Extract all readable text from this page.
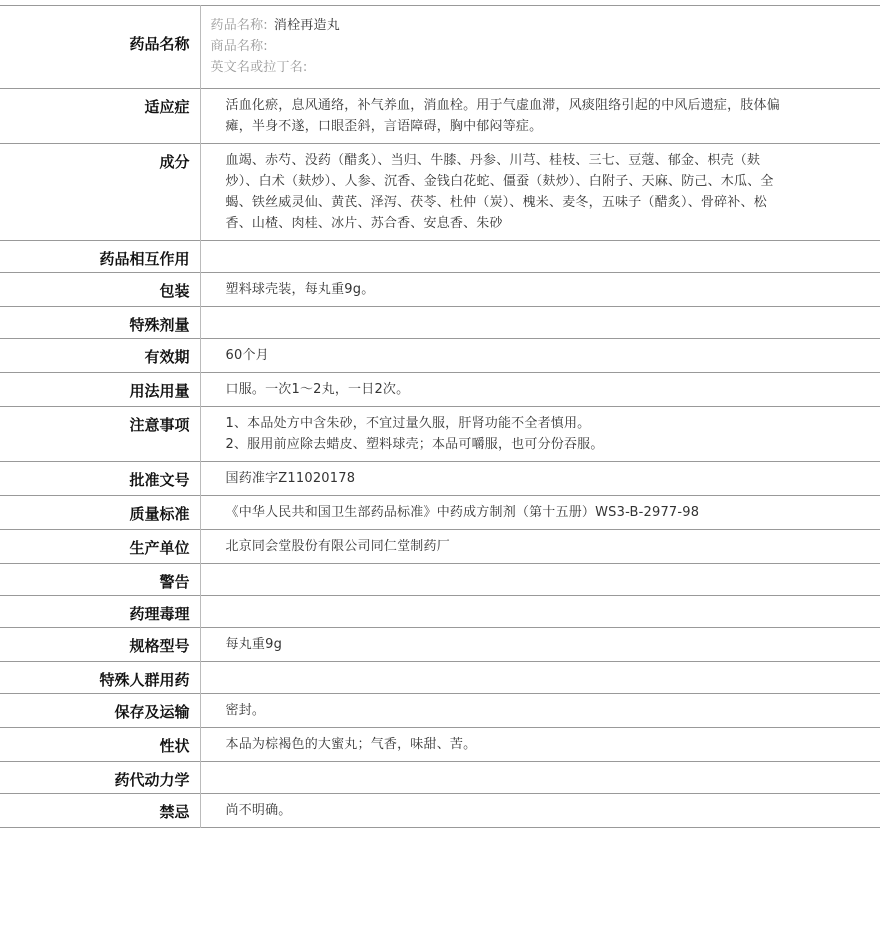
药品名称	药品名称: 消栓再造丸
商品名称:
英文名或拉丁名:

适应症	活血化瘀，息风通络，补气养血，消血栓。用于气虚血滞，风痰阻络引起的中风后遗症，肢体偏瘫，半身不遂，口眼歪斜，言语障碍，胸中郁闷等症。
成分	血竭、赤芍、没药（醋炙）、当归、牛膝、丹参、川芎、桂枝、三七、豆蔻、郁金、枳壳（麸炒）、白术（麸炒）、人参、沉香、金钱白花蛇、僵蚕（麸炒）、白附子、天麻、防己、木瓜、全蝎、铁丝威灵仙、黄芪、泽泻、茯苓、杜仲（炭）、槐米、麦冬，五味子（醋炙）、骨碎补、松香、山楂、肉桂、冰片、苏合香、安息香、朱砂
药品相互作用	
包装	塑料球壳装，每丸重9g。
特殊剂量	
有效期	60个月
用法用量	口服。一次1～2丸，一日2次。
注意事项	1、本品处方中含朱砂，不宜过量久服，肝肾功能不全者慎用。
2、服用前应除去蜡皮、塑料球壳；本品可嚼服，也可分份吞服。

批准文号	国药准字Z11020178
质量标准	《中华人民共和国卫生部药品标准》中药成方制剂（第十五册）WS3-B-2977-98
生产单位	北京同会堂股份有限公司同仁堂制药厂
警告	
药理毒理	
规格型号	每丸重9g
特殊人群用药	
保存及运输	密封。
性状	本品为棕褐色的大蜜丸；气香，味甜、苦。
药代动力学	
禁忌	尚不明确。
